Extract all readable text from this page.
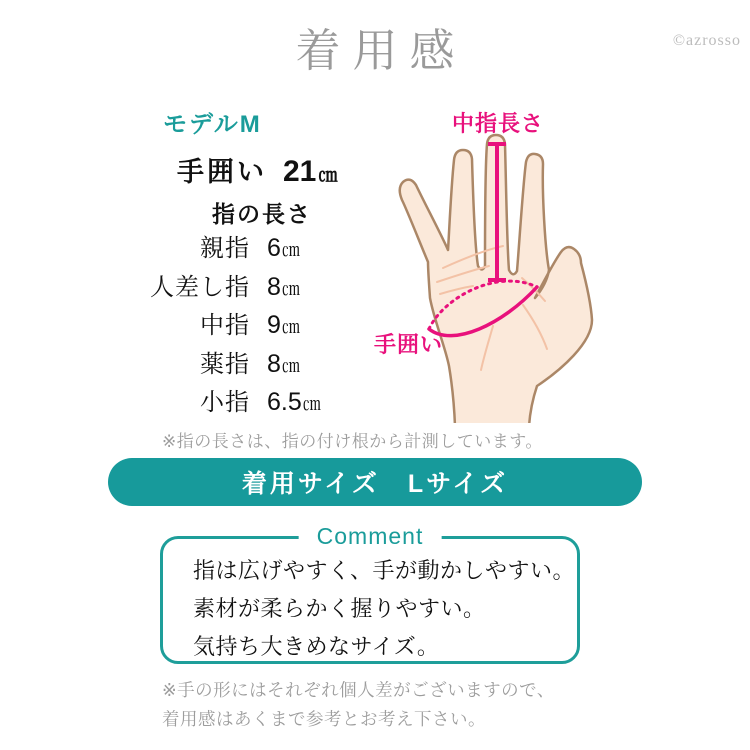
着用感	©azrosso
モデルM
手囲い 21 ㎝
指の長さ
親指 6 ㎝
人差し指 8 ㎝
中指 9 ㎝
薬指 8 ㎝
小指 6.5 ㎝
※指の長さは、指の付け根から計測しています。
中指長さ
手囲い
着用サイズ　Lサイズ
Comment
指は広げやすく、手が動かしやすい。
素材が柔らかく握りやすい。
気持ち大きめなサイズ。
※手の形にはそれぞれ個人差がございますので、
着用感はあくまで参考とお考え下さい。
